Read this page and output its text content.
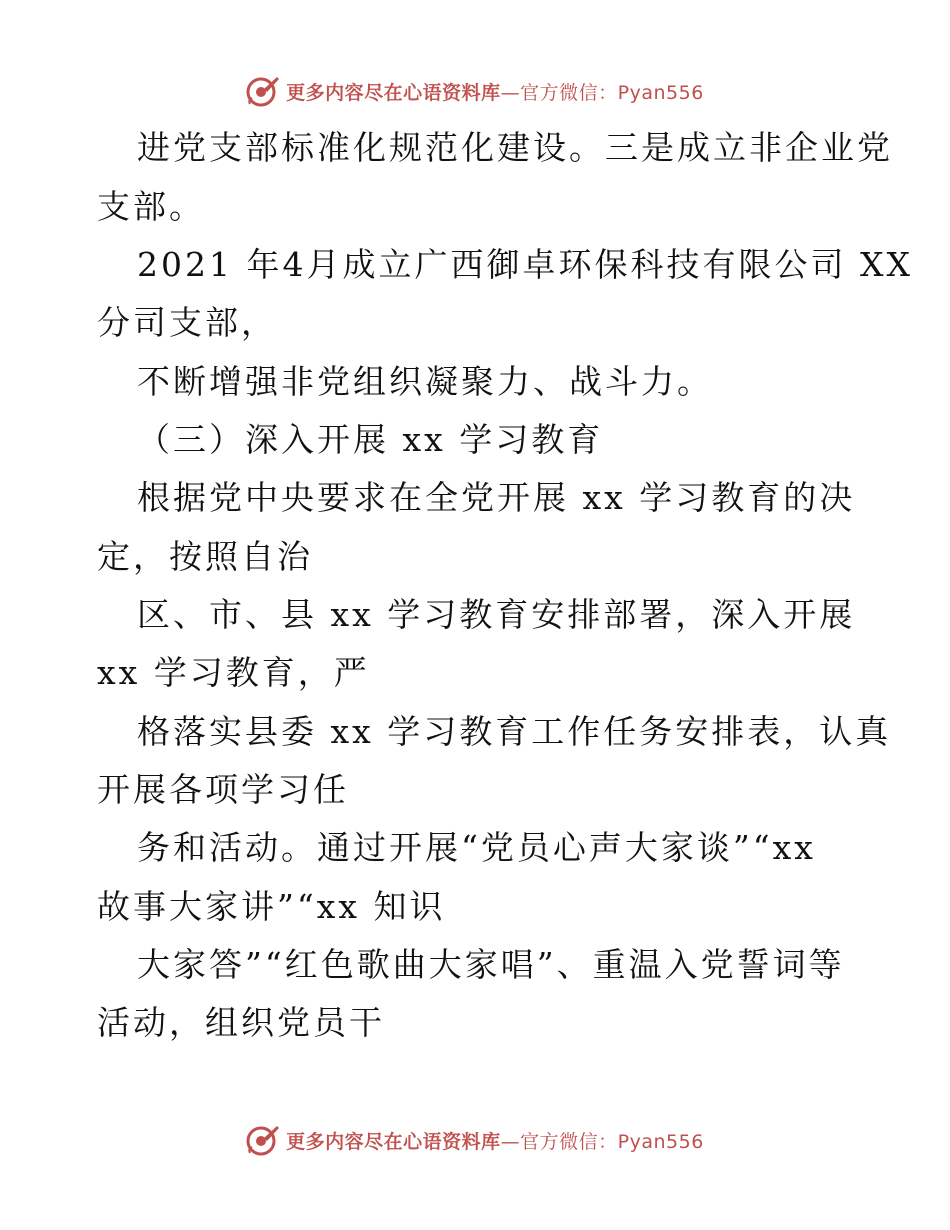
更多内容尽在心语资料库—官方微信：Pyan556
进党支部标准化规范化建设。三是成立非企业党
支部。
2021 年4月成立广西御卓环保科技有限公司 XX
分司支部，
不断增强非党组织凝聚力、战斗力。
（三）深入开展 xx 学习教育
根据党中央要求在全党开展 xx 学习教育的决
定，按照自治
区、市、县 xx 学习教育安排部署，深入开展
xx 学习教育，严
格落实县委 xx 学习教育工作任务安排表，认真
开展各项学习任
务和活动。通过开展“党员心声大家谈”“xx
故事大家讲”“xx 知识
大家答”“红色歌曲大家唱”、重温入党誓词等
活动，组织党员干
更多内容尽在心语资料库—官方微信：Pyan556
